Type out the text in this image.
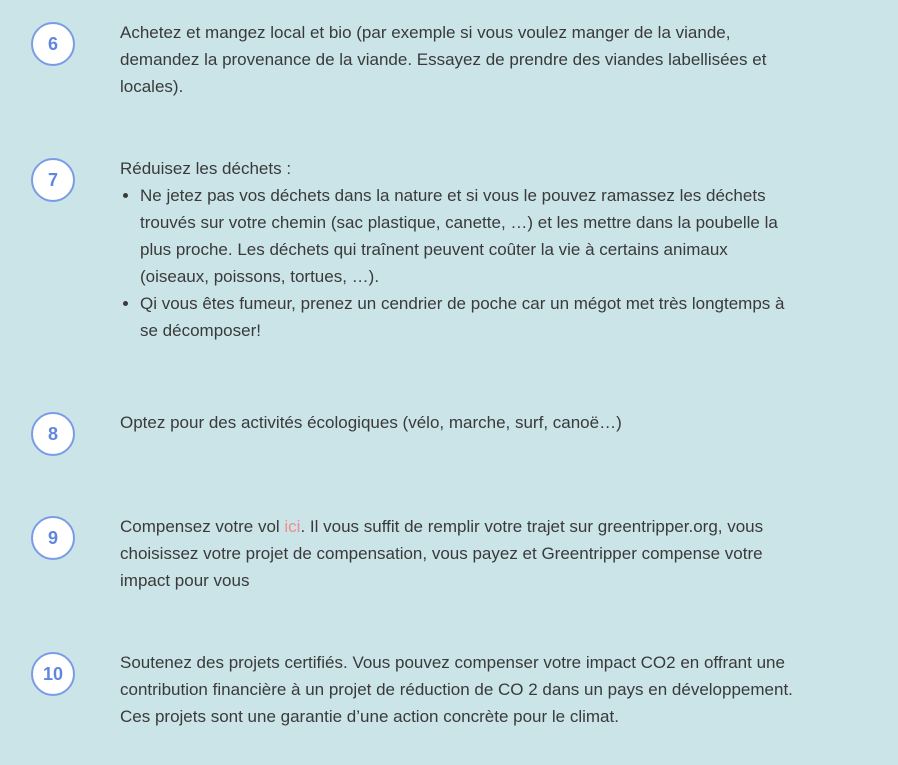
6

Achetez et mangez local et bio (par exemple si vous voulez manger de la viande, demandez la provenance de la viande. Essayez de prendre des viandes labellisées et locales).

7

Réduisez les déchets :

• Ne jetez pas vos déchets dans la nature et si vous le pouvez ramassez les déchets trouvés sur votre chemin (sac plastique, canette, …) et les mettre dans la poubelle la plus proche. Les déchets qui traînent peuvent coûter la vie à certains animaux (oiseaux, poissons, tortues, …).
• Qi vous êtes fumeur, prenez un cendrier de poche car un mégot met très longtemps à se décomposer!
8

Optez pour des activités écologiques (vélo, marche, surf, canoë…)

9

Compensez votre vol ici. Il vous suffit de remplir votre trajet sur greentripper.org, vous choisissez votre projet de compensation, vous payez et Greentripper compense votre impact pour vous

10

Soutenez des projets certifiés. Vous pouvez compenser votre impact CO2 en offrant une contribution financière à un projet de réduction de CO 2 dans un pays en développement. Ces projets sont une garantie d’une action concrète pour le climat.
